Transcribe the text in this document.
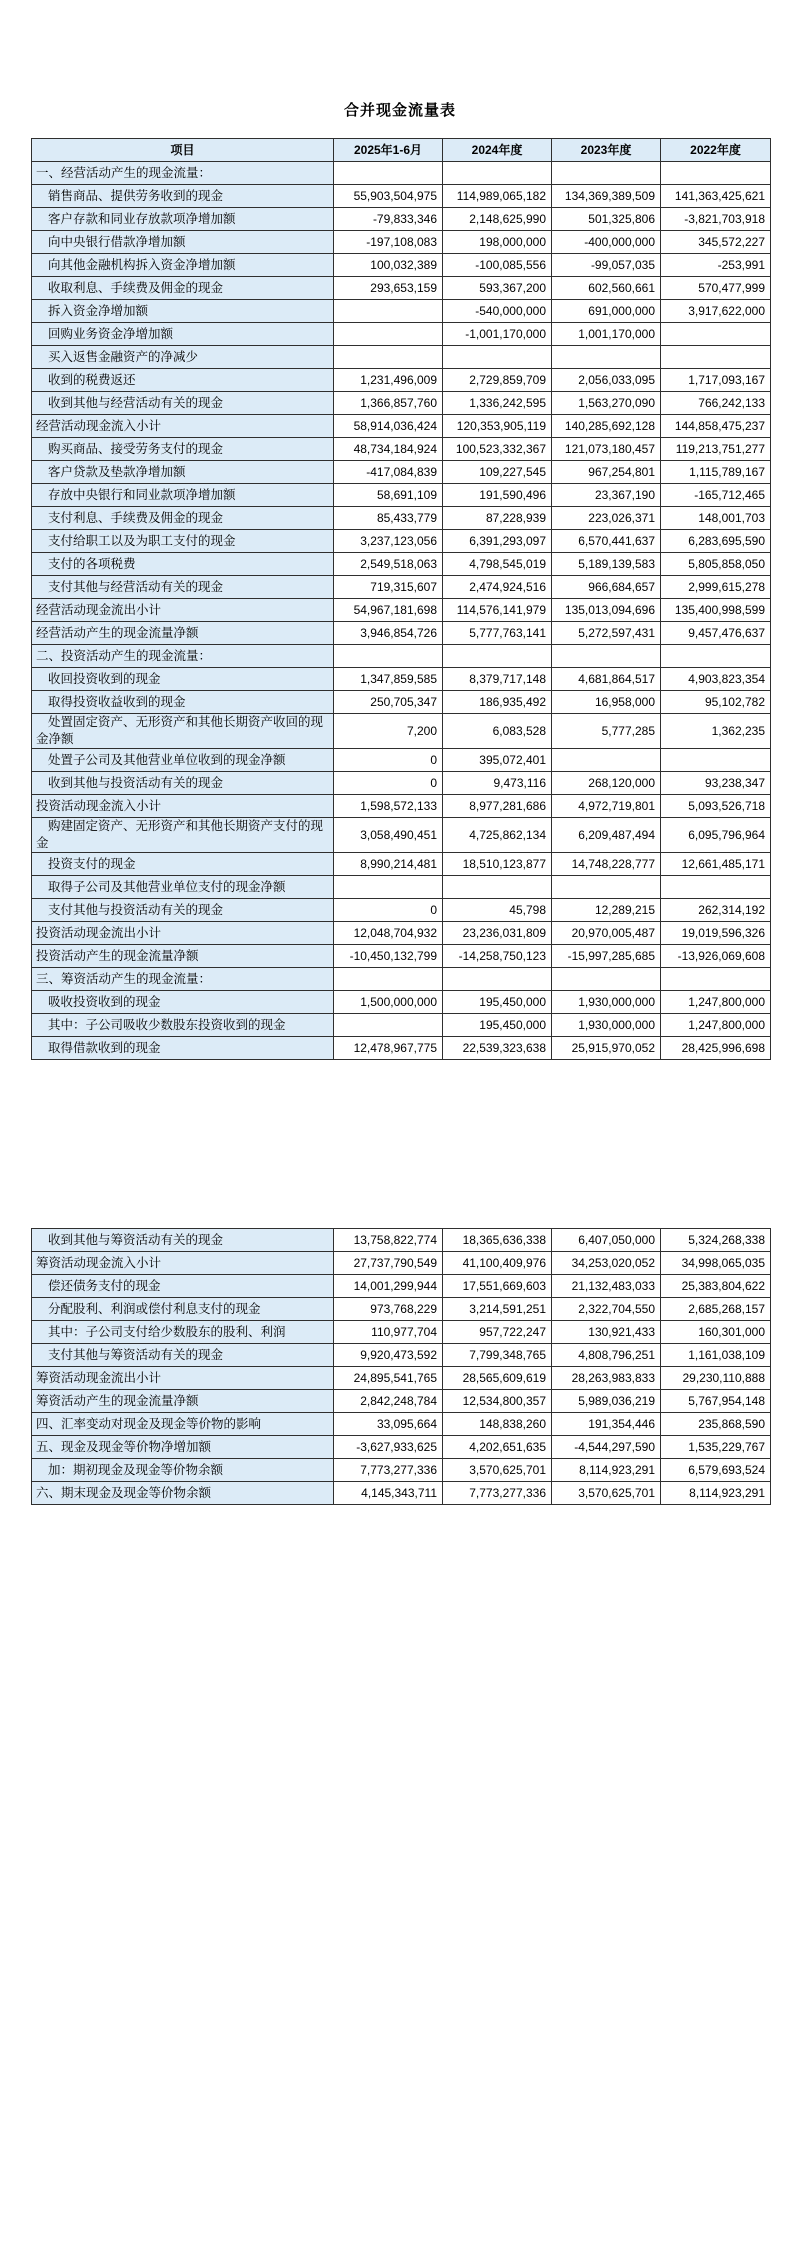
合并现金流量表
项目	2025年1-6月	2024年度	2023年度	2022年度
一、经营活动产生的现金流量：				
销售商品、提供劳务收到的现金	55,903,504,975	114,989,065,182	134,369,389,509	141,363,425,621
客户存款和同业存放款项净增加额	-79,833,346	2,148,625,990	501,325,806	-3,821,703,918
向中央银行借款净增加额	-197,108,083	198,000,000	-400,000,000	345,572,227
向其他金融机构拆入资金净增加额	100,032,389	-100,085,556	-99,057,035	-253,991
收取利息、手续费及佣金的现金	293,653,159	593,367,200	602,560,661	570,477,999
拆入资金净增加额		-540,000,000	691,000,000	3,917,622,000
回购业务资金净增加额		-1,001,170,000	1,001,170,000	
买入返售金融资产的净减少				
收到的税费返还	1,231,496,009	2,729,859,709	2,056,033,095	1,717,093,167
收到其他与经营活动有关的现金	1,366,857,760	1,336,242,595	1,563,270,090	766,242,133
经营活动现金流入小计	58,914,036,424	120,353,905,119	140,285,692,128	144,858,475,237
购买商品、接受劳务支付的现金	48,734,184,924	100,523,332,367	121,073,180,457	119,213,751,277
客户贷款及垫款净增加额	-417,084,839	109,227,545	967,254,801	1,115,789,167
存放中央银行和同业款项净增加额	58,691,109	191,590,496	23,367,190	-165,712,465
支付利息、手续费及佣金的现金	85,433,779	87,228,939	223,026,371	148,001,703
支付给职工以及为职工支付的现金	3,237,123,056	6,391,293,097	6,570,441,637	6,283,695,590
支付的各项税费	2,549,518,063	4,798,545,019	5,189,139,583	5,805,858,050
支付其他与经营活动有关的现金	719,315,607	2,474,924,516	966,684,657	2,999,615,278
经营活动现金流出小计	54,967,181,698	114,576,141,979	135,013,094,696	135,400,998,599
经营活动产生的现金流量净额	3,946,854,726	5,777,763,141	5,272,597,431	9,457,476,637
二、投资活动产生的现金流量：				
收回投资收到的现金	1,347,859,585	8,379,717,148	4,681,864,517	4,903,823,354
取得投资收益收到的现金	250,705,347	186,935,492	16,958,000	95,102,782
处置固定资产、无形资产和其他长期资产收回的现金净额	7,200	6,083,528	5,777,285	1,362,235
处置子公司及其他营业单位收到的现金净额	0	395,072,401		
收到其他与投资活动有关的现金	0	9,473,116	268,120,000	93,238,347
投资活动现金流入小计	1,598,572,133	8,977,281,686	4,972,719,801	5,093,526,718
购建固定资产、无形资产和其他长期资产支付的现金	3,058,490,451	4,725,862,134	6,209,487,494	6,095,796,964
投资支付的现金	8,990,214,481	18,510,123,877	14,748,228,777	12,661,485,171
取得子公司及其他营业单位支付的现金净额				
支付其他与投资活动有关的现金	0	45,798	12,289,215	262,314,192
投资活动现金流出小计	12,048,704,932	23,236,031,809	20,970,005,487	19,019,596,326
投资活动产生的现金流量净额	-10,450,132,799	-14,258,750,123	-15,997,285,685	-13,926,069,608
三、筹资活动产生的现金流量：				
吸收投资收到的现金	1,500,000,000	195,450,000	1,930,000,000	1,247,800,000
其中：子公司吸收少数股东投资收到的现金		195,450,000	1,930,000,000	1,247,800,000
取得借款收到的现金	12,478,967,775	22,539,323,638	25,915,970,052	28,425,996,698
收到其他与筹资活动有关的现金	13,758,822,774	18,365,636,338	6,407,050,000	5,324,268,338
筹资活动现金流入小计	27,737,790,549	41,100,409,976	34,253,020,052	34,998,065,035
偿还债务支付的现金	14,001,299,944	17,551,669,603	21,132,483,033	25,383,804,622
分配股利、利润或偿付利息支付的现金	973,768,229	3,214,591,251	2,322,704,550	2,685,268,157
其中：子公司支付给少数股东的股利、利润	110,977,704	957,722,247	130,921,433	160,301,000
支付其他与筹资活动有关的现金	9,920,473,592	7,799,348,765	4,808,796,251	1,161,038,109
筹资活动现金流出小计	24,895,541,765	28,565,609,619	28,263,983,833	29,230,110,888
筹资活动产生的现金流量净额	2,842,248,784	12,534,800,357	5,989,036,219	5,767,954,148
四、汇率变动对现金及现金等价物的影响	33,095,664	148,838,260	191,354,446	235,868,590
五、现金及现金等价物净增加额	-3,627,933,625	4,202,651,635	-4,544,297,590	1,535,229,767
加：期初现金及现金等价物余额	7,773,277,336	3,570,625,701	8,114,923,291	6,579,693,524
六、期末现金及现金等价物余额	4,145,343,711	7,773,277,336	3,570,625,701	8,114,923,291
